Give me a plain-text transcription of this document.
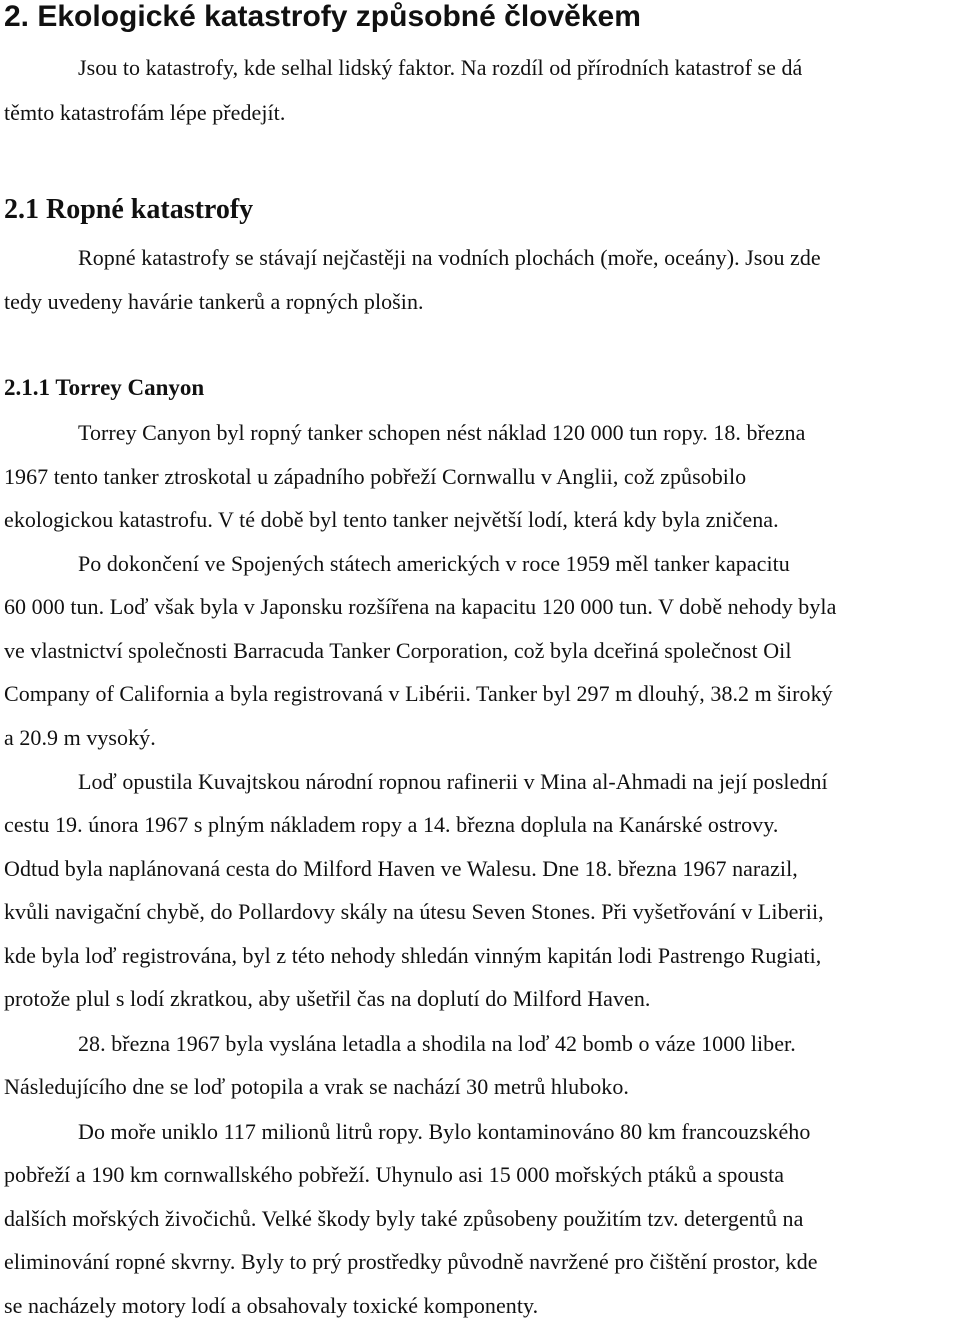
2. Ekologické katastrofy způsobné člověkem
Jsou to katastrofy, kde selhal lidský faktor. Na rozdíl od přírodních katastrof se dá
těmto katastrofám lépe předejít.
2.1 Ropné katastrofy
Ropné katastrofy se stávají nejčastěji na vodních plochách (moře, oceány). Jsou zde
tedy uvedeny havárie tankerů a ropných plošin.
2.1.1 Torrey Canyon
Torrey Canyon byl ropný tanker schopen nést náklad 120 000 tun ropy. 18. března
1967 tento tanker ztroskotal u západního pobřeží Cornwallu v Anglii, což způsobilo
ekologickou katastrofu. V té době byl tento tanker největší lodí, která kdy byla zničena.
Po dokončení ve Spojených státech amerických v roce 1959 měl tanker kapacitu
60 000 tun. Loď však byla v Japonsku rozšířena na kapacitu 120 000 tun. V době nehody byla
ve vlastnictví společnosti Barracuda Tanker Corporation, což byla dceřiná společnost Oil
Company of California a byla registrovaná v Libérii. Tanker byl 297 m dlouhý, 38.2 m široký
a 20.9 m vysoký.
Loď opustila Kuvajtskou národní ropnou rafinerii v Mina al-Ahmadi na její poslední
cestu 19. února 1967 s plným nákladem ropy a 14. března doplula na Kanárské ostrovy.
Odtud byla naplánovaná cesta do Milford Haven ve Walesu. Dne 18. března 1967 narazil,
kvůli navigační chybě, do Pollardovy skály na útesu Seven Stones. Při vyšetřování v Liberii,
kde byla loď registrována, byl z této nehody shledán vinným kapitán lodi Pastrengo Rugiati,
protože plul s lodí zkratkou, aby ušetřil čas na doplutí do Milford Haven.
28. března 1967 byla vyslána letadla a shodila na loď 42 bomb o váze 1000 liber.
Následujícího dne se loď potopila a vrak se nachází 30 metrů hluboko.
Do moře uniklo 117 milionů litrů ropy. Bylo kontaminováno 80 km francouzského
pobřeží a 190 km cornwallského pobřeží. Uhynulo asi 15 000 mořských ptáků a spousta
dalších mořských živočichů. Velké škody byly také způsobeny použitím tzv. detergentů na
eliminování ropné skvrny. Byly to prý prostředky původně navržené pro čištění prostor, kde
se nacházely motory lodí a obsahovaly toxické komponenty.
